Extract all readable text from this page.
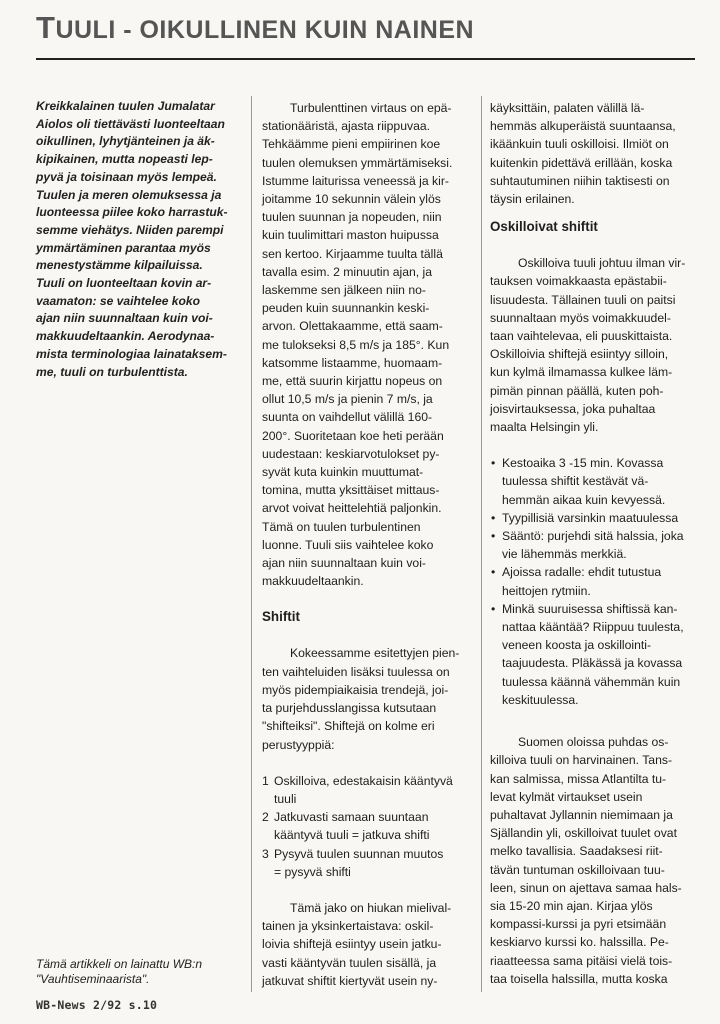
TUULI - OIKULLINEN KUIN NAINEN
Kreikkalainen tuulen Jumalatar
Aiolos oli tiettävästi luonteeltaan
oikullinen, lyhytjänteinen ja äk-
kipikainen, mutta nopeasti lep-
pyvä ja toisinaan myös lempeä.
Tuulen ja meren olemuksessa ja
luonteessa piilee koko harrastuk-
semme viehätys. Niiden parempi
ymmärtäminen parantaa myös
menestystämme kilpailuissa.
Tuuli on luonteeltaan kovin ar-
vaamaton: se vaihtelee koko
ajan niin suunnaltaan kuin voi-
makkuudeltaankin. Aerodynaa-
mista terminologiaa lainataksem-
me, tuuli on turbulenttista.
Turbulenttinen virtaus on epä-
stationääristä, ajasta riippuvaa.
Tehkäämme pieni empiirinen koe
tuulen olemuksen ymmärtämiseksi.
Istumme laiturissa veneessä ja kir-
joitamme 10 sekunnin välein ylös
tuulen suunnan ja nopeuden, niin
kuin tuulimittari maston huipussa
sen kertoo. Kirjaamme tuulta tällä
tavalla esim. 2 minuutin ajan, ja
laskemme sen jälkeen niin no-
peuden kuin suunnankin keski-
arvon. Olettakaamme, että saam-
me tulokseksi 8,5 m/s ja 185°. Kun
katsomme listaamme, huomaam-
me, että suurin kirjattu nopeus on
ollut 10,5 m/s ja pienin 7 m/s, ja
suunta on vaihdellut välillä 160-
200°. Suoritetaan koe heti perään
uudestaan: keskiarvotulokset py-
syvät kuta kuinkin muuttumat-
tomina, mutta yksittäiset mittaus-
arvot voivat heittelehtiä paljonkin.
Tämä on tuulen turbulentinen
luonne. Tuuli siis vaihtelee koko
ajan niin suunnaltaan kuin voi-
makkuudeltaankin.
Shiftit
Kokeessamme esitettyjen pien-
ten vaihteluiden lisäksi tuulessa on
myös pidempiaikaisia trendejä, joi-
ta purjehdusslangissa kutsutaan
"shifteiksi". Shiftejä on kolme eri
perustyyppiä:
1 Oskilloiva, edestakaisin kääntyvä
tuuli
2 Jatkuvasti samaan suuntaan
kääntyvä tuuli = jatkuva shifti
3 Pysyvä tuulen suunnan muutos
= pysyvä shifti
Tämä jako on hiukan mielival-
tainen ja yksinkertaistava: oskil-
loivia shiftejä esiintyy usein jatku-
vasti kääntyvän tuulen sisällä, ja
jatkuvat shiftit kiertyvät usein ny-
käyksittäin, palaten välillä lä-
hemmäs alkuperäistä suuntaansa,
ikäänkuin tuuli oskilloisi. Ilmiöt on
kuitenkin pidettävä erillään, koska
suhtautuminen niihin taktisesti on
täysin erilainen.
Oskilloivat shiftit
Oskilloiva tuuli johtuu ilman vir-
tauksen voimakkaasta epästabii-
lisuudesta. Tällainen tuuli on paitsi
suunnaltaan myös voimakkuudel-
taan vaihtelevaa, eli puuskittaista.
Oskilloivia shiftejä esiintyy silloin,
kun kylmä ilmamassa kulkee läm-
pimän pinnan päällä, kuten poh-
joisvirtauksessa, joka puhaltaa
maalta Helsingin yli.
• Kestoaika 3 -15 min. Kovassa
tuulessa shiftit kestävät vä-
hemmän aikaa kuin kevyessä.
• Tyypillisiä varsinkin maatuulessa
• Sääntö: purjehdi sitä halssia, joka
vie lähemmäs merkkiä.
• Ajoissa radalle: ehdit tutustua
heittojen rytmiin.
• Minkä suuruisessa shiftissä kan-
nattaa kääntää? Riippuu tuulesta,
veneen koosta ja oskillointi-
taajuudesta. Pläkässä ja kovassa
tuulessa käännä vähemmän kuin
keskituulessa.
Suomen oloissa puhdas os-
killoiva tuuli on harvinainen. Tans-
kan salmissa, missa Atlantilta tu-
levat kylmät virtaukset usein
puhaltavat Jyllannin niemimaan ja
Själlandin yli, oskilloivat tuulet ovat
melko tavallisia. Saadaksesi riit-
tävän tuntuman oskilloivaan tuu-
leen, sinun on ajettava samaa hals-
sia 15-20 min ajan. Kirjaa ylös
kompassi-kurssi ja pyri etsimään
keskiarvo kurssi ko. halssilla. Pe-
riaatteessa sama pitäisi vielä tois-
taa toisella halssilla, mutta koska
Tämä artikkeli on lainattu WB:n
"Vauhtiseminaarista".
WB-News 2/92 s.10
